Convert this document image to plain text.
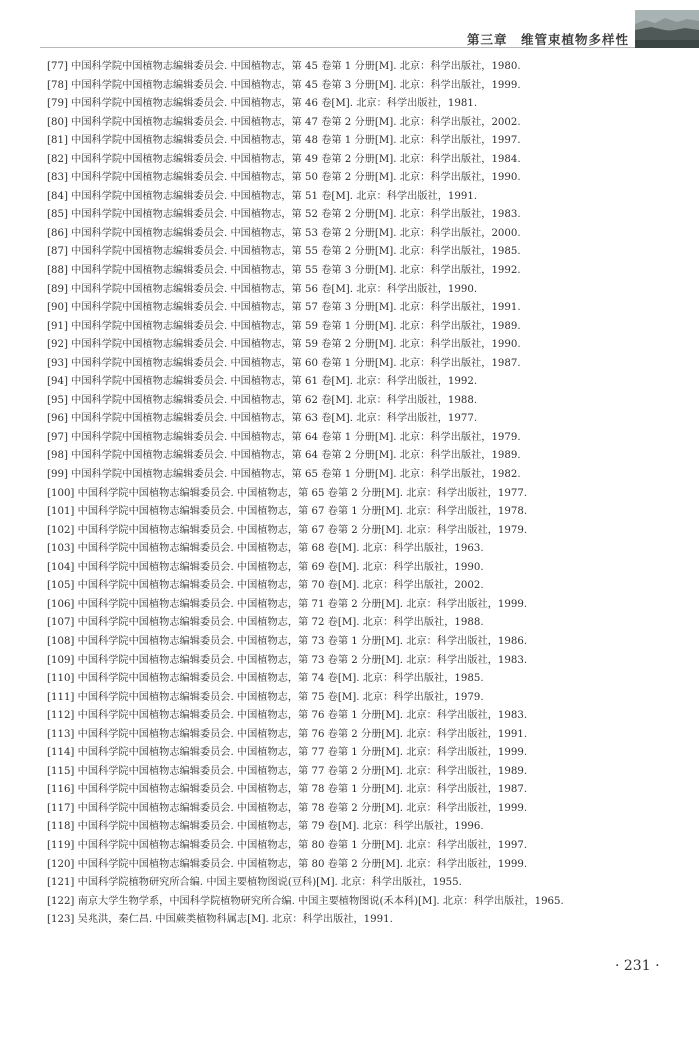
第三章　维管束植物多样性
[77] 中国科学院中国植物志编辑委员会. 中国植物志，第 45 卷第 1 分册[M]. 北京：科学出版社，1980.
[78] 中国科学院中国植物志编辑委员会. 中国植物志，第 45 卷第 3 分册[M]. 北京：科学出版社，1999.
[79] 中国科学院中国植物志编辑委员会. 中国植物志，第 46 卷[M]. 北京：科学出版社，1981.
[80] 中国科学院中国植物志编辑委员会. 中国植物志，第 47 卷第 2 分册[M]. 北京：科学出版社，2002.
[81] 中国科学院中国植物志编辑委员会. 中国植物志，第 48 卷第 1 分册[M]. 北京：科学出版社，1997.
[82] 中国科学院中国植物志编辑委员会. 中国植物志，第 49 卷第 2 分册[M]. 北京：科学出版社，1984.
[83] 中国科学院中国植物志编辑委员会. 中国植物志，第 50 卷第 2 分册[M]. 北京：科学出版社，1990.
[84] 中国科学院中国植物志编辑委员会. 中国植物志，第 51 卷[M]. 北京：科学出版社，1991.
[85] 中国科学院中国植物志编辑委员会. 中国植物志，第 52 卷第 2 分册[M]. 北京：科学出版社，1983.
[86] 中国科学院中国植物志编辑委员会. 中国植物志，第 53 卷第 2 分册[M]. 北京：科学出版社，2000.
[87] 中国科学院中国植物志编辑委员会. 中国植物志，第 55 卷第 2 分册[M]. 北京：科学出版社，1985.
[88] 中国科学院中国植物志编辑委员会. 中国植物志，第 55 卷第 3 分册[M]. 北京：科学出版社，1992.
[89] 中国科学院中国植物志编辑委员会. 中国植物志，第 56 卷[M]. 北京：科学出版社，1990.
[90] 中国科学院中国植物志编辑委员会. 中国植物志，第 57 卷第 3 分册[M]. 北京：科学出版社，1991.
[91] 中国科学院中国植物志编辑委员会. 中国植物志，第 59 卷第 1 分册[M]. 北京：科学出版社，1989.
[92] 中国科学院中国植物志编辑委员会. 中国植物志，第 59 卷第 2 分册[M]. 北京：科学出版社，1990.
[93] 中国科学院中国植物志编辑委员会. 中国植物志，第 60 卷第 1 分册[M]. 北京：科学出版社，1987.
[94] 中国科学院中国植物志编辑委员会. 中国植物志，第 61 卷[M]. 北京：科学出版社，1992.
[95] 中国科学院中国植物志编辑委员会. 中国植物志，第 62 卷[M]. 北京：科学出版社，1988.
[96] 中国科学院中国植物志编辑委员会. 中国植物志，第 63 卷[M]. 北京：科学出版社，1977.
[97] 中国科学院中国植物志编辑委员会. 中国植物志，第 64 卷第 1 分册[M]. 北京：科学出版社，1979.
[98] 中国科学院中国植物志编辑委员会. 中国植物志，第 64 卷第 2 分册[M]. 北京：科学出版社，1989.
[99] 中国科学院中国植物志编辑委员会. 中国植物志，第 65 卷第 1 分册[M]. 北京：科学出版社，1982.
[100] 中国科学院中国植物志编辑委员会. 中国植物志，第 65 卷第 2 分册[M]. 北京：科学出版社，1977.
[101] 中国科学院中国植物志编辑委员会. 中国植物志，第 67 卷第 1 分册[M]. 北京：科学出版社，1978.
[102] 中国科学院中国植物志编辑委员会. 中国植物志，第 67 卷第 2 分册[M]. 北京：科学出版社，1979.
[103] 中国科学院中国植物志编辑委员会. 中国植物志，第 68 卷[M]. 北京：科学出版社，1963.
[104] 中国科学院中国植物志编辑委员会. 中国植物志，第 69 卷[M]. 北京：科学出版社，1990.
[105] 中国科学院中国植物志编辑委员会. 中国植物志，第 70 卷[M]. 北京：科学出版社，2002.
[106] 中国科学院中国植物志编辑委员会. 中国植物志，第 71 卷第 2 分册[M]. 北京：科学出版社，1999.
[107] 中国科学院中国植物志编辑委员会. 中国植物志，第 72 卷[M]. 北京：科学出版社，1988.
[108] 中国科学院中国植物志编辑委员会. 中国植物志，第 73 卷第 1 分册[M]. 北京：科学出版社，1986.
[109] 中国科学院中国植物志编辑委员会. 中国植物志，第 73 卷第 2 分册[M]. 北京：科学出版社，1983.
[110] 中国科学院中国植物志编辑委员会. 中国植物志，第 74 卷[M]. 北京：科学出版社，1985.
[111] 中国科学院中国植物志编辑委员会. 中国植物志，第 75 卷[M]. 北京：科学出版社，1979.
[112] 中国科学院中国植物志编辑委员会. 中国植物志，第 76 卷第 1 分册[M]. 北京：科学出版社，1983.
[113] 中国科学院中国植物志编辑委员会. 中国植物志，第 76 卷第 2 分册[M]. 北京：科学出版社，1991.
[114] 中国科学院中国植物志编辑委员会. 中国植物志，第 77 卷第 1 分册[M]. 北京：科学出版社，1999.
[115] 中国科学院中国植物志编辑委员会. 中国植物志，第 77 卷第 2 分册[M]. 北京：科学出版社，1989.
[116] 中国科学院中国植物志编辑委员会. 中国植物志，第 78 卷第 1 分册[M]. 北京：科学出版社，1987.
[117] 中国科学院中国植物志编辑委员会. 中国植物志，第 78 卷第 2 分册[M]. 北京：科学出版社，1999.
[118] 中国科学院中国植物志编辑委员会. 中国植物志，第 79 卷[M]. 北京：科学出版社，1996.
[119] 中国科学院中国植物志编辑委员会. 中国植物志，第 80 卷第 1 分册[M]. 北京：科学出版社，1997.
[120] 中国科学院中国植物志编辑委员会. 中国植物志，第 80 卷第 2 分册[M]. 北京：科学出版社，1999.
[121] 中国科学院植物研究所合编. 中国主要植物图说(豆科)[M]. 北京：科学出版社，1955.
[122] 南京大学生物学系，中国科学院植物研究所合编. 中国主要植物图说(禾本科)[M]. 北京：科学出版社，1965.
[123] 吴兆洪，秦仁昌. 中国蕨类植物科属志[M]. 北京：科学出版社，1991.
· 231 ·
